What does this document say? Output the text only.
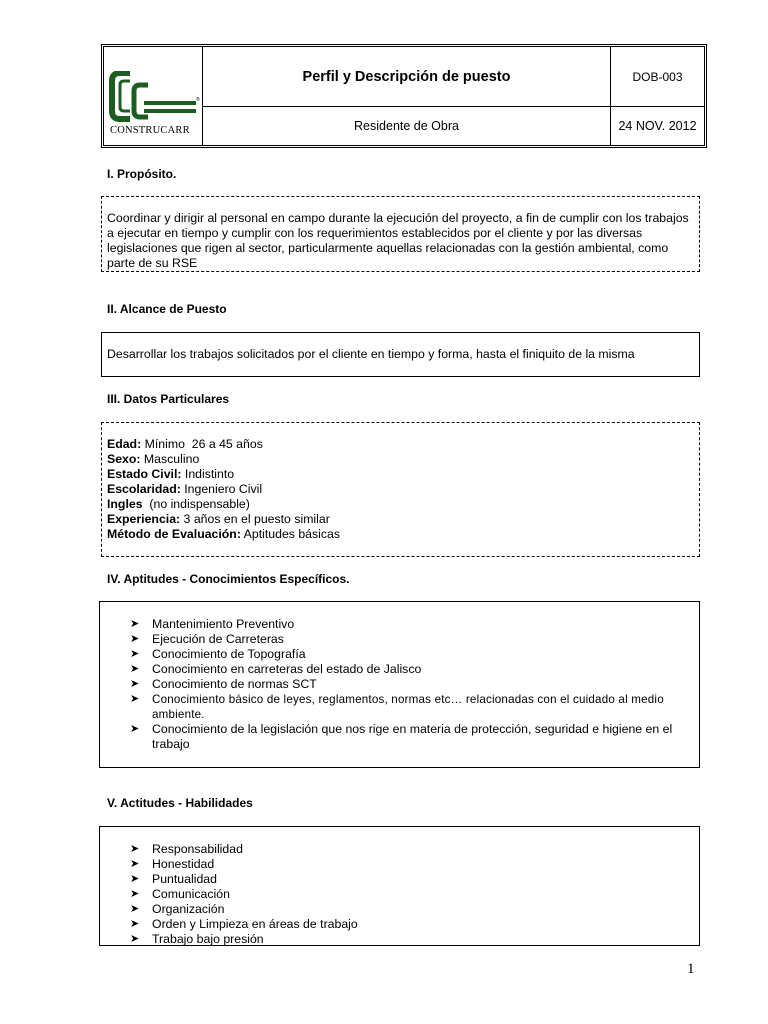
®
CONSTRUCARR
Perfil y Descripción de puesto	DOB-003
Residente de Obra	24 NOV. 2012
I. Propósito.
Coordinar y dirigir al personal en campo durante la ejecución del proyecto, a fin de cumplir con los trabajos a ejecutar en tiempo y cumplir con los requerimientos establecidos por el cliente y por las diversas legislaciones que rigen al sector, particularmente aquellas relacionadas con la gestión ambiental, como parte de su RSE
II. Alcance de Puesto
Desarrollar los trabajos solicitados por el cliente en tiempo y forma, hasta el finiquito de la misma
III. Datos Particulares
Edad: Mínimo  26 a 45 años
Sexo: Masculino
Estado Civil: Indistinto
Escolaridad: Ingeniero Civil
Ingles  (no indispensable)
Experiencia: 3 años en el puesto similar
Método de Evaluación: Aptitudes básicas
IV. Aptitudes - Conocimientos Específicos.
➤	Mantenimiento Preventivo
➤	Ejecución de Carreteras
➤	Conocimiento de Topografía
➤	Conocimiento en carreteras del estado de Jalisco
➤	Conocimiento de normas SCT
➤	Conocimiento básico de leyes, reglamentos, normas etc… relacionadas con el cuidado al medio ambiente.
➤	Conocimiento de la legislación que nos rige en materia de protección, seguridad e higiene en el trabajo
V. Actitudes - Habilidades
➤	Responsabilidad
➤	Honestidad
➤	Puntualidad
➤	Comunicación
➤	Organización
➤	Orden y Limpieza en áreas de trabajo
➤	Trabajo bajo presión
1
